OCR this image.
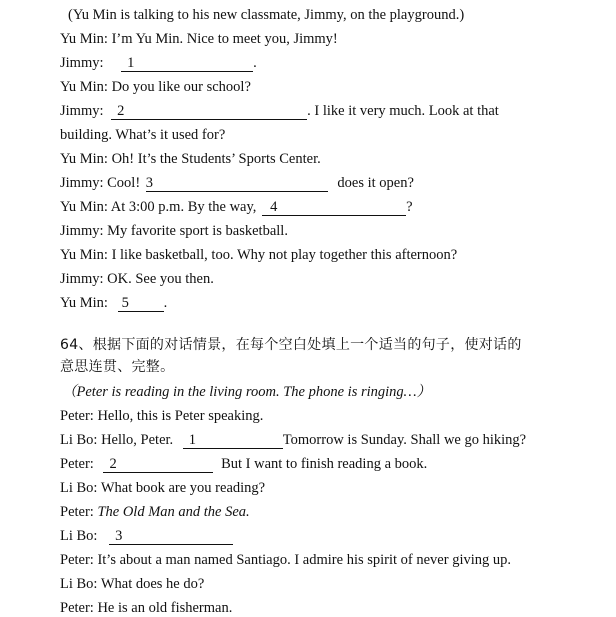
(Yu Min is talking to his new classmate, Jimmy, on the playground.)
Yu Min: I’m Yu Min. Nice to meet you, Jimmy!
Jimmy: 1	.
Yu Min: Do you like our school?
Jimmy: 2	. I like it very much. Look at that
building. What’s it used for?
Yu Min: Oh! It’s the Students’ Sports Center.
Jimmy: Cool! 3	does it open?
Yu Min: At 3:00 p.m. By the way, 4	?
Jimmy: My favorite sport is basketball.
Yu Min: I like basketball, too. Why not play together this afternoon?
Jimmy: OK. See you then.
Yu Min: 5 .
64、根据下面的对话情景，在每个空白处填上一个适当的句子，使对话的
意思连贯、完整。
（Peter is reading in the living room. The phone is ringing…）
Peter: Hello, this is Peter speaking.
Li Bo: Hello, Peter. 1	Tomorrow is Sunday. Shall we go hiking?
Peter: 2	But I want to finish reading a book.
Li Bo: What book are you reading?
Peter: The Old Man and the Sea.
Li Bo: 3
Peter: It’s about a man named Santiago. I admire his spirit of never giving up.
Li Bo: What does he do?
Peter: He is an old fisherman.
